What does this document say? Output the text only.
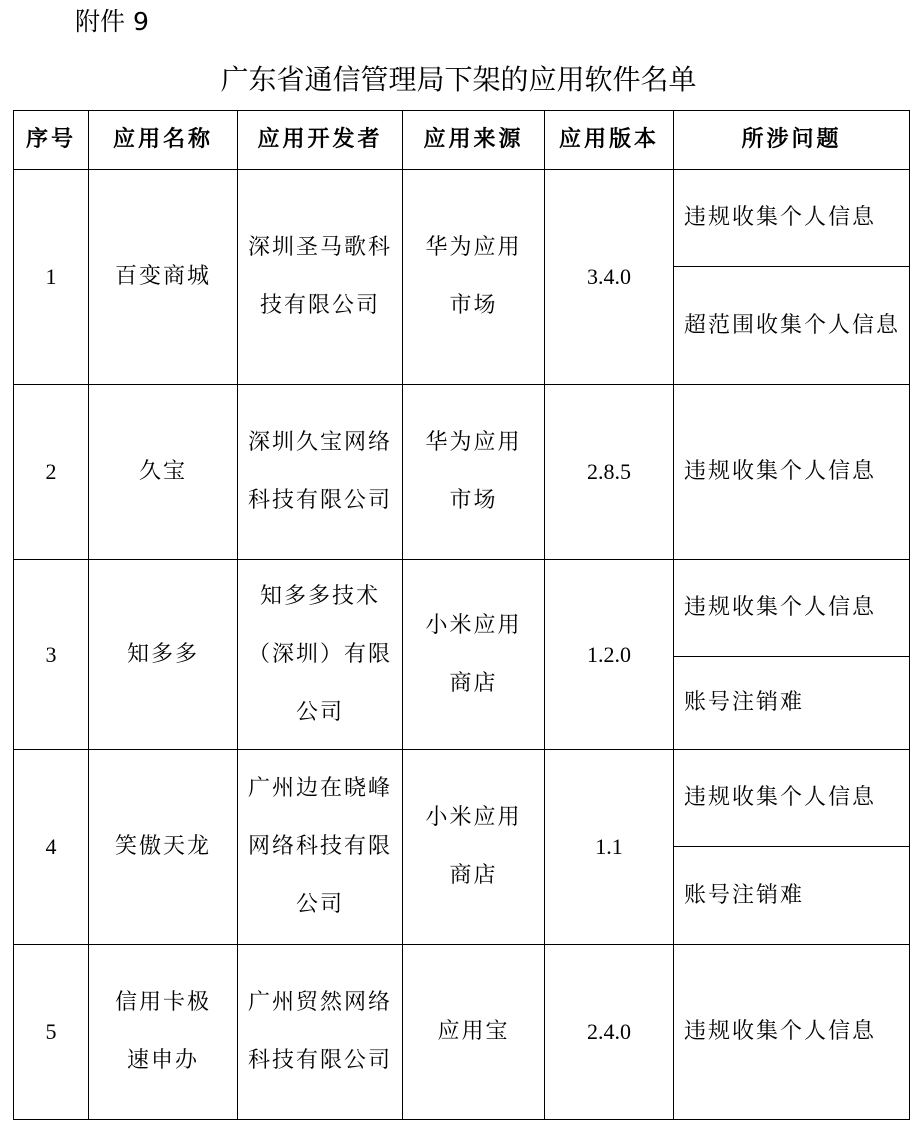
附件 9
广东省通信管理局下架的应用软件名单
序号	应用名称	应用开发者	应用来源	应用版本	所涉问题
1	百变商城	深圳圣马歌科技有限公司	华为应用市场	3.4.0	违规收集个人信息
					超范围收集个人信息
2	久宝	深圳久宝网络科技有限公司	华为应用市场	2.8.5	违规收集个人信息
3	知多多	知多多技术（深圳）有限公司	小米应用商店	1.2.0	违规收集个人信息
					账号注销难
4	笑傲天龙	广州边在晓峰网络科技有限公司	小米应用商店	1.1	违规收集个人信息
					账号注销难
5	信用卡极速申办	广州贸然网络科技有限公司	应用宝	2.4.0	违规收集个人信息
